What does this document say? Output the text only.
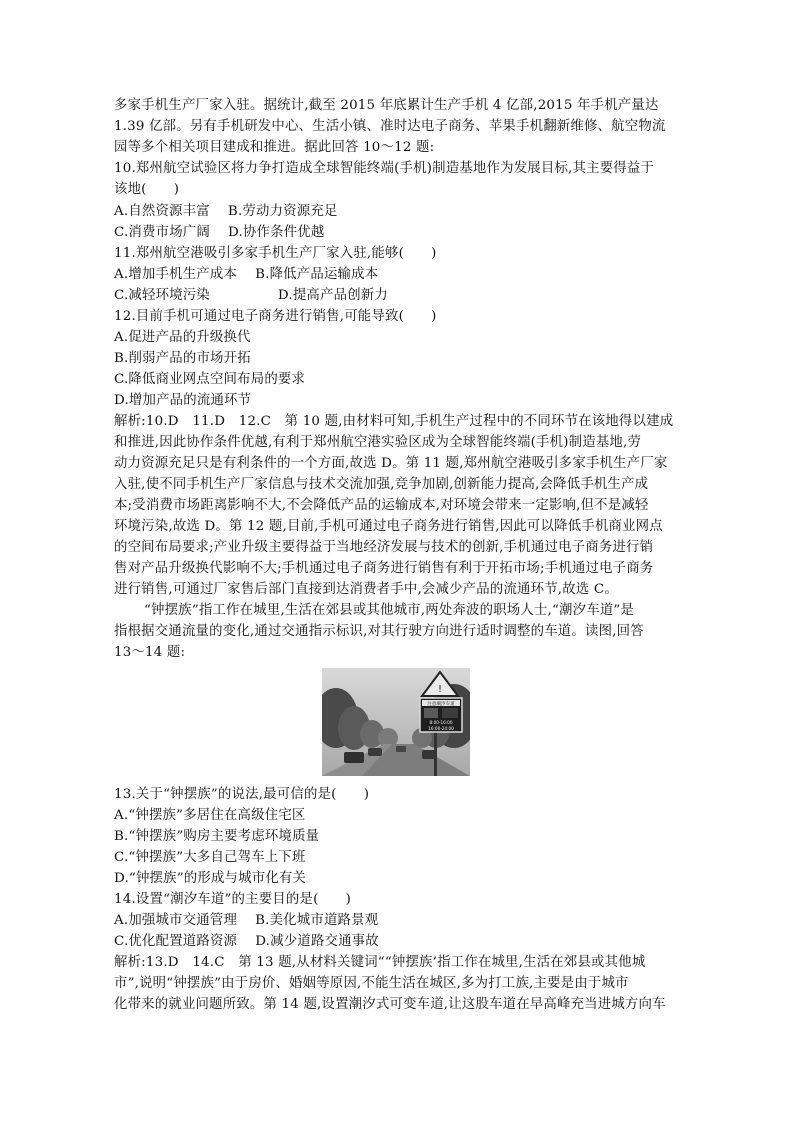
多家手机生产厂家入驻。据统计,截至 2015 年底累计生产手机 4 亿部,2015 年手机产量达
1.39 亿部。另有手机研发中心、生活小镇、准时达电子商务、苹果手机翻新维修、航空物流
园等多个相关项目建成和推进。据此回答 10～12 题:
10.郑州航空试验区将力争打造成全球智能终端(手机)制造基地作为发展目标,其主要得益于
该地(　　)
A.自然资源丰富　 B.劳动力资源充足
C.消费市场广阔　 D.协作条件优越
11.郑州航空港吸引多家手机生产厂家入驻,能够(　　)
A.增加手机生产成本　 B.降低产品运输成本
C.减轻环境污染　　　　　D.提高产品创新力
12.目前手机可通过电子商务进行销售,可能导致(　　)
A.促进产品的升级换代
B.削弱产品的市场开拓
C.降低商业网点空间布局的要求
D.增加产品的流通环节
解析:10.D　11.D　12.C　第 10 题,由材料可知,手机生产过程中的不同环节在该地得以建成
和推进,因此协作条件优越,有利于郑州航空港实验区成为全球智能终端(手机)制造基地,劳
动力资源充足只是有利条件的一个方面,故选 D。第 11 题,郑州航空港吸引多家手机生产厂家
入驻,使不同手机生产厂家信息与技术交流加强,竞争加剧,创新能力提高,会降低手机生产成
本;受消费市场距离影响不大,不会降低产品的运输成本,对环境会带来一定影响,但不是减轻
环境污染,故选 D。第 12 题,目前,手机可通过电子商务进行销售,因此可以降低手机商业网点
的空间布局要求;产业升级主要得益于当地经济发展与技术的创新,手机通过电子商务进行销
售对产品升级换代影响不大;手机通过电子商务进行销售有利于开拓市场;手机通过电子商务
进行销售,可通过厂家售后部门直接到达消费者手中,会减少产品的流通环节,故选 C。
“钟摆族”指工作在城里,生活在郊县或其他城市,两处奔波的职场人士,“潮汐车道”是
指根据交通流量的变化,通过交通指示标识,对其行驶方向进行适时调整的车道。读图,回答
13～14 题:
!
注意潮汐车道
8:00-16:00
16:00-24:00
13.关于“钟摆族”的说法,最可信的是(　　)
A.“钟摆族”多居住在高级住宅区
B.“钟摆族”购房主要考虑环境质量
C.“钟摆族”大多自己驾车上下班
D.“钟摆族”的形成与城市化有关
14.设置“潮汐车道”的主要目的是(　　)
A.加强城市交通管理　 B.美化城市道路景观
C.优化配置道路资源　 D.减少道路交通事故
解析:13.D　14.C　第 13 题,从材料关键词““钟摆族’指工作在城里,生活在郊县或其他城
市”,说明“钟摆族”由于房价、婚姻等原因,不能生活在城区,多为打工族,主要是由于城市
化带来的就业问题所致。第 14 题,设置潮汐式可变车道,让这股车道在早高峰充当进城方向车
